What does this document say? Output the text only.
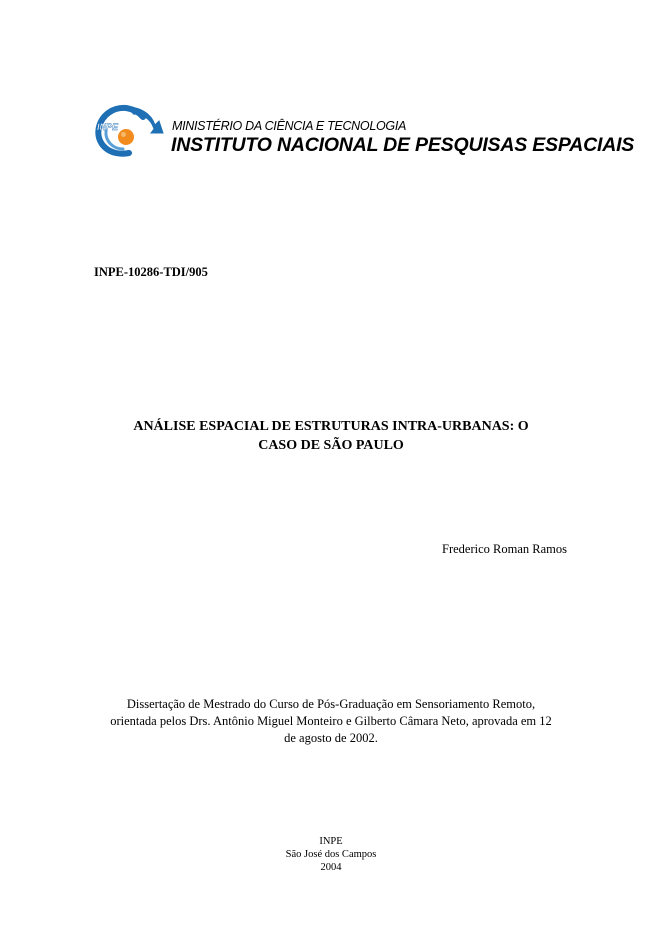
INPE	MINISTÉRIO DA CIÊNCIA E TECNOLOGIA
INSTITUTO NACIONAL DE PESQUISAS ESPACIAIS
INPE-10286-TDI/905
ANÁLISE ESPACIAL DE ESTRUTURAS INTRA-URBANAS: O
CASO DE SÃO PAULO
Frederico Roman Ramos
Dissertação de Mestrado do Curso de Pós-Graduação em Sensoriamento Remoto,
orientada pelos Drs. Antônio Miguel Monteiro e Gilberto Câmara Neto, aprovada em 12
de agosto de 2002.
INPE
São José dos Campos
2004
